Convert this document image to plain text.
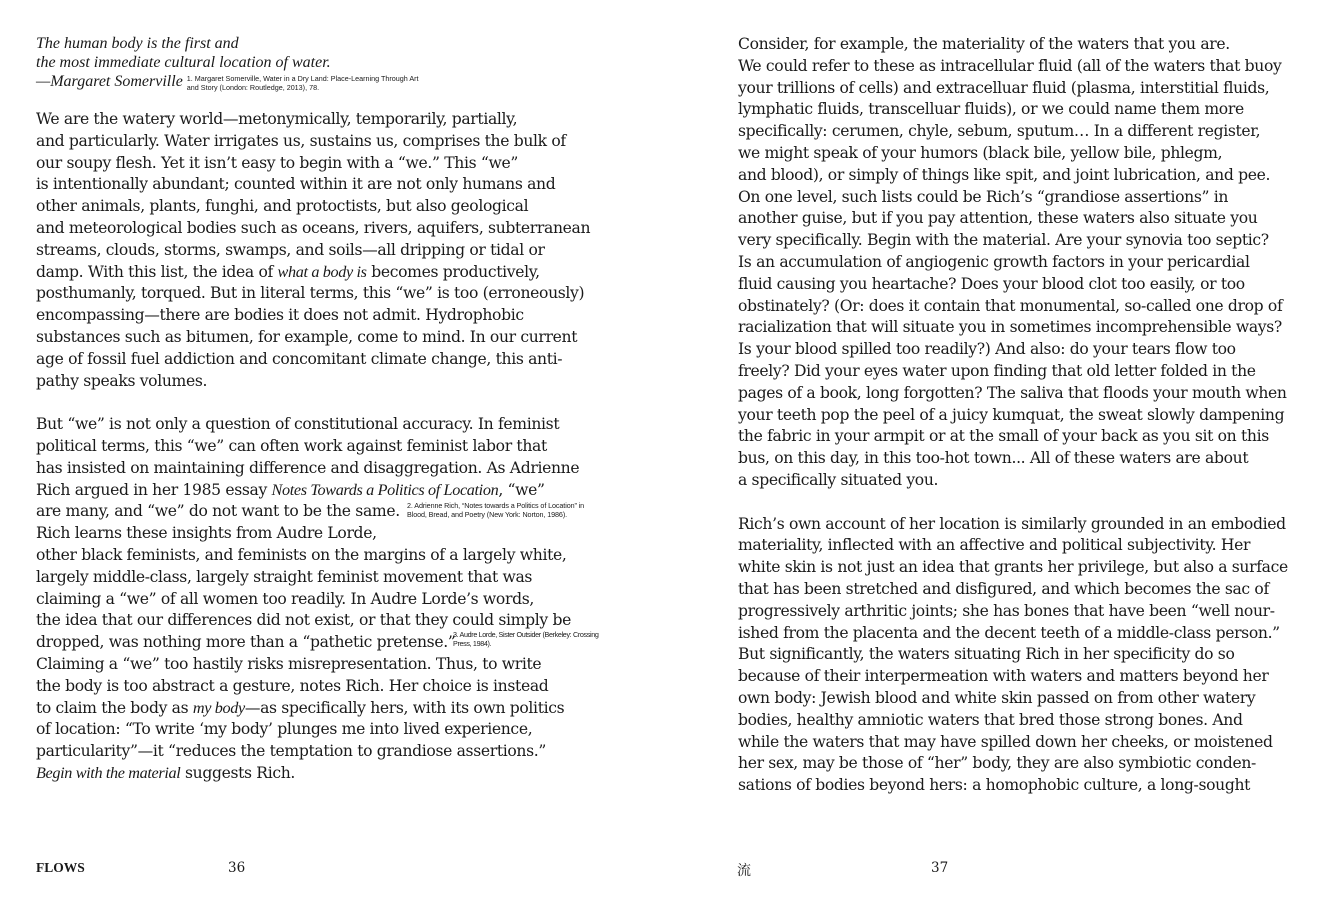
The human body is the first and
the most immediate cultural location of water.
—Margaret Somerville 1. Margaret Somerville, Water in a Dry Land: Place-Learning Through Art
and Story (London: Routledge, 2013), 78.

We are the watery world—metonymically, temporarily, partially,
and particularly. Water irrigates us, sustains us, comprises the bulk of
our soupy flesh. Yet it isn’t easy to begin with a “we.” This “we”
is intentionally abundant; counted within it are not only humans and
other animals, plants, funghi, and protoctists, but also geological
and meteorological bodies such as oceans, rivers, aquifers, subterranean
streams, clouds, storms, swamps, and soils—all dripping or tidal or
damp. With this list, the idea of what a body is becomes productively,
posthumanly, torqued. But in literal terms, this “we” is too (erroneously)
encompassing—there are bodies it does not admit. Hydrophobic
substances such as bitumen, for example, come to mind. In our current
age of fossil fuel addiction and concomitant climate change, this anti-
pathy speaks volumes.
But “we” is not only a question of constitutional accuracy. In feminist
political terms, this “we” can often work against feminist labor that
has insisted on maintaining difference and disaggregation. As Adrienne
Rich argued in her 1985 essay Notes Towards a Politics of Location, “we”
are many, and “we” do not want to be the same. 2. Adrienne Rich, “Notes towards a Politics of Location” in Blood, Bread, and Poetry (New York: Norton, 1986).
Rich learns these insights from Audre Lorde,
other black feminists, and feminists on the margins of a largely white,
largely middle-class, largely straight feminist movement that was
claiming a “we” of all women too readily. In Audre Lorde’s words,
the idea that our differences did not exist, or that they could simply be
dropped, was nothing more than a “pathetic pretense.”
3. Audre Lorde, Sister Outsider (Berkeley: Crossing Press, 1984).
Claiming a “we” too hastily risks misrepresentation. Thus, to write
the body is too abstract a gesture, notes Rich. Her choice is instead
to claim the body as my body—as specifically hers, with its own politics
of location: “To write ‘my body’ plunges me into lived experience,
particularity”—it “reduces the temptation to grandiose assertions.”
Begin with the material suggests Rich.
Consider, for example, the materiality of the waters that you are.
We could refer to these as intracellular fluid (all of the waters that buoy
your trillions of cells) and extracelluar fluid (plasma, interstitial fluids,
lymphatic fluids, transcelluar fluids), or we could name them more
specifically: cerumen, chyle, sebum, sputum… In a different register,
we might speak of your humors (black bile, yellow bile, phlegm,
and blood), or simply of things like spit, and joint lubrication, and pee.
On one level, such lists could be Rich’s “grandiose assertions” in
another guise, but if you pay attention, these waters also situate you
very specifically. Begin with the material. Are your synovia too septic?
Is an accumulation of angiogenic growth factors in your pericardial
fluid causing you heartache? Does your blood clot too easily, or too
obstinately? (Or: does it contain that monumental, so-called one drop of
racialization that will situate you in sometimes incomprehensible ways?
Is your blood spilled too readily?) And also: do your tears flow too
freely? Did your eyes water upon finding that old letter folded in the
pages of a book, long forgotten? The saliva that floods your mouth when
your teeth pop the peel of a juicy kumquat, the sweat slowly dampening
the fabric in your armpit or at the small of your back as you sit on this
bus, on this day, in this too-hot town... All of these waters are about
a specifically situated you.
Rich’s own account of her location is similarly grounded in an embodied
materiality, inflected with an affective and political subjectivity. Her
white skin is not just an idea that grants her privilege, but also a surface
that has been stretched and disfigured, and which becomes the sac of
progressively arthritic joints; she has bones that have been “well nour-
ished from the placenta and the decent teeth of a middle-class person.”
But significantly, the waters situating Rich in her specificity do so
because of their interpermeation with waters and matters beyond her
own body: Jewish blood and white skin passed on from other watery
bodies, healthy amniotic waters that bred those strong bones. And
while the waters that may have spilled down her cheeks, or moistened
her sex, may be those of “her” body, they are also symbiotic conden-
sations of bodies beyond hers: a homophobic culture, a long-sought
FLOWS	36	流	37
